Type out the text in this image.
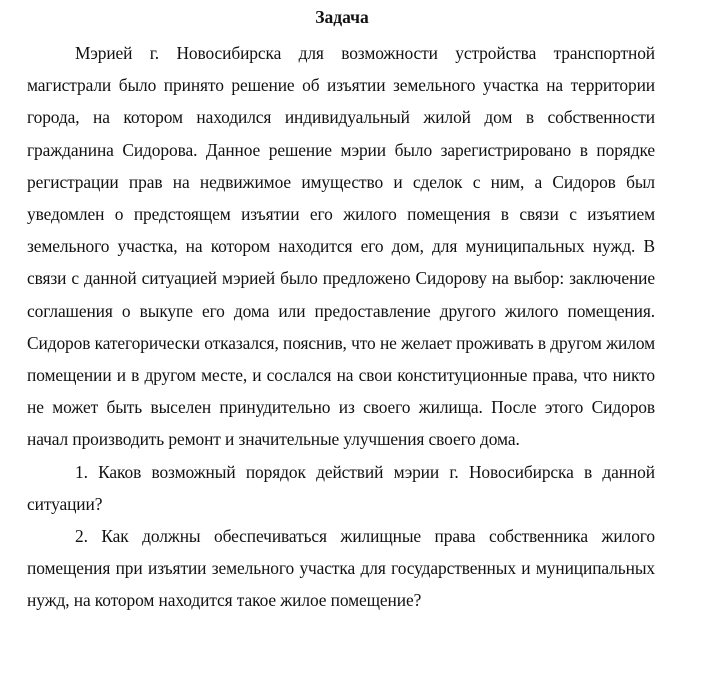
Задача

Мэрией г. Новосибирска для возможности устройства транспортной магистрали было принято решение об изъятии земельного участка на территории города, на котором находился индивидуальный жилой дом в собственности гражданина Сидорова. Данное решение мэрии было зарегистрировано в порядке регистрации прав на недвижимое имущество и сделок с ним, а Сидоров был уведомлен о предстоящем изъятии его жилого помещения в связи с изъятием земельного участка, на котором находится его дом, для муниципальных нужд. В связи с данной ситуацией мэрией было предложено Сидорову на выбор: заключение соглашения о выкупе его дома или предоставление другого жилого помещения. Сидоров категорически отказался, пояснив, что не желает проживать в другом жилом помещении и в другом месте, и сослался на свои конституционные права, что никто не может быть выселен принудительно из своего жилища. После этого Сидоров начал производить ремонт и значительные улучшения своего дома.

1. Каков возможный порядок действий мэрии г. Новосибирска в данной ситуации?

2. Как должны обеспечиваться жилищные права собственника жилого помещения при изъятии земельного участка для государственных и муниципальных нужд, на котором находится такое жилое помещение?
